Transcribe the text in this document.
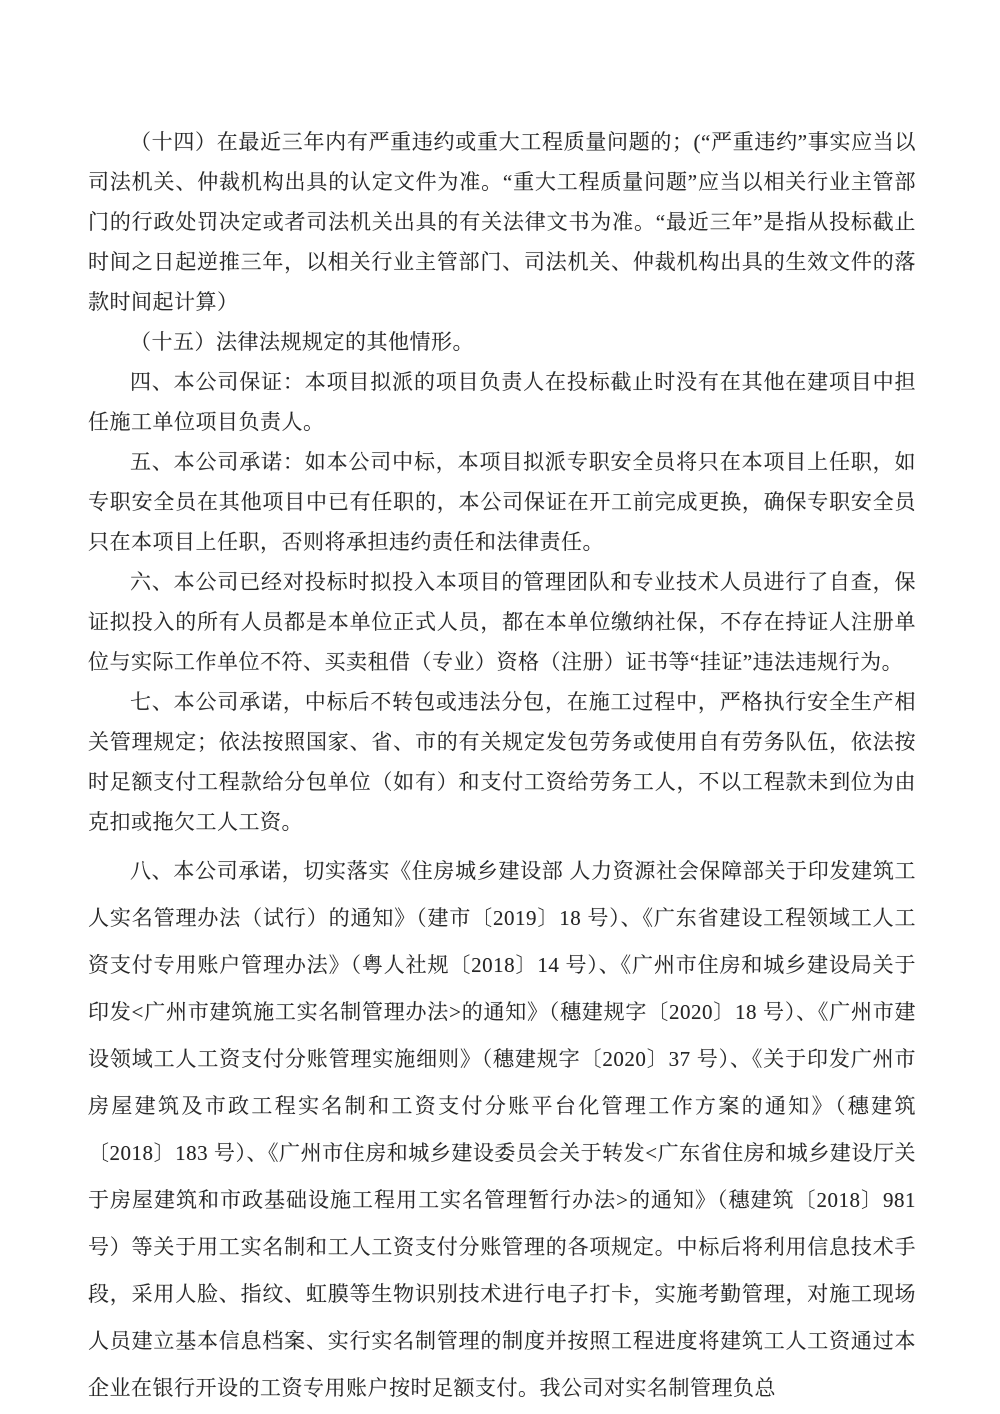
（十四）在最近三年内有严重违约或重大工程质量问题的；(“严重违约”事实应当以司法机关、仲裁机构出具的认定文件为准。“重大工程质量问题”应当以相关行业主管部门的行政处罚决定或者司法机关出具的有关法律文书为准。“最近三年”是指从投标截止时间之日起逆推三年，以相关行业主管部门、司法机关、仲裁机构出具的生效文件的落款时间起计算）

（十五）法律法规规定的其他情形。

四、本公司保证：本项目拟派的项目负责人在投标截止时没有在其他在建项目中担任施工单位项目负责人。

五、本公司承诺：如本公司中标，本项目拟派专职安全员将只在本项目上任职，如专职安全员在其他项目中已有任职的，本公司保证在开工前完成更换，确保专职安全员只在本项目上任职，否则将承担违约责任和法律责任。

六、本公司已经对投标时拟投入本项目的管理团队和专业技术人员进行了自查，保证拟投入的所有人员都是本单位正式人员，都在本单位缴纳社保，不存在持证人注册单位与实际工作单位不符、买卖租借（专业）资格（注册）证书等“挂证”违法违规行为。

七、本公司承诺，中标后不转包或违法分包，在施工过程中，严格执行安全生产相关管理规定；依法按照国家、省、市的有关规定发包劳务或使用自有劳务队伍，依法按时足额支付工程款给分包单位（如有）和支付工资给劳务工人，不以工程款未到位为由克扣或拖欠工人工资。

八、本公司承诺，切实落实《住房城乡建设部 人力资源社会保障部关于印发建筑工人实名管理办法（试行）的通知》（建市〔2019〕18 号）、《广东省建设工程领域工人工资支付专用账户管理办法》（粤人社规〔2018〕14 号）、《广州市住房和城乡建设局关于印发<广州市建筑施工实名制管理办法>的通知》（穗建规字〔2020〕18 号）、《广州市建设领域工人工资支付分账管理实施细则》（穗建规字〔2020〕37 号）、《关于印发广州市房屋建筑及市政工程实名制和工资支付分账平台化管理工作方案的通知》（穗建筑〔2018〕183 号）、《广州市住房和城乡建设委员会关于转发<广东省住房和城乡建设厅关于房屋建筑和市政基础设施工程用工实名管理暂行办法>的通知》（穗建筑〔2018〕981 号）等关于用工实名制和工人工资支付分账管理的各项规定。中标后将利用信息技术手段，采用人脸、指纹、虹膜等生物识别技术进行电子打卡，实施考勤管理，对施工现场人员建立基本信息档案、实行实名制管理的制度并按照工程进度将建筑工人工资通过本企业在银行开设的工资专用账户按时足额支付。我公司对实名制管理负总
